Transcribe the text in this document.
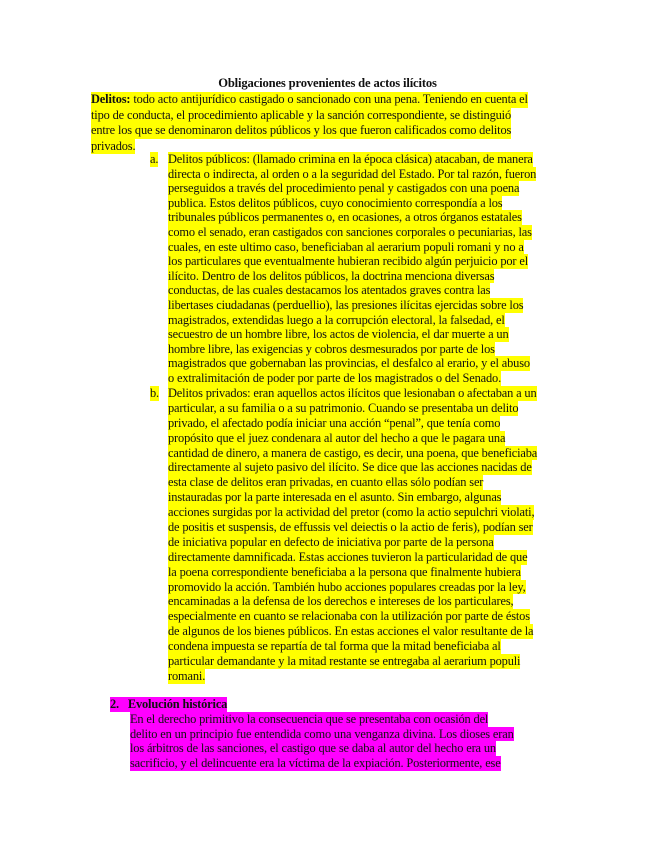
Obligaciones provenientes de actos ilícitos
Delitos: todo acto antijurídico castigado o sancionado con una pena. Teniendo en cuenta el
tipo de conducta, el procedimiento aplicable y la sanción correspondiente, se distinguió
entre los que se denominaron delitos públicos y los que fueron calificados como delitos
privados.
a. Delitos públicos: (llamado crimina en la época clásica) atacaban, de manera
directa o indirecta, al orden o a la seguridad del Estado. Por tal razón, fueron
perseguidos a través del procedimiento penal y castigados con una poena
publica. Estos delitos públicos, cuyo conocimiento correspondía a los
tribunales públicos permanentes o, en ocasiones, a otros órganos estatales
como el senado, eran castigados con sanciones corporales o pecuniarias, las
cuales, en este ultimo caso, beneficiaban al aerarium populi romani y no a
los particulares que eventualmente hubieran recibido algún perjuicio por el
ilícito. Dentro de los delitos públicos, la doctrina menciona diversas
conductas, de las cuales destacamos los atentados graves contra las
libertases ciudadanas (perduellio), las presiones ilícitas ejercidas sobre los
magistrados, extendidas luego a la corrupción electoral, la falsedad, el
secuestro de un hombre libre, los actos de violencia, el dar muerte a un
hombre libre, las exigencias y cobros desmesurados por parte de los
magistrados que gobernaban las provincias, el desfalco al erario, y el abuso
o extralimitación de poder por parte de los magistrados o del Senado.
b. Delitos privados: eran aquellos actos ilícitos que lesionaban o afectaban a un
particular, a su familia o a su patrimonio. Cuando se presentaba un delito
privado, el afectado podía iniciar una acción “penal”, que tenía como
propósito que el juez condenara al autor del hecho a que le pagara una
cantidad de dinero, a manera de castigo, es decir, una poena, que beneficiaba
directamente al sujeto pasivo del ilícito. Se dice que las acciones nacidas de
esta clase de delitos eran privadas, en cuanto ellas sólo podían ser
instauradas por la parte interesada en el asunto. Sin embargo, algunas
acciones surgidas por la actividad del pretor (como la actio sepulchri violati,
de positis et suspensis, de effussis vel deiectis o la actio de feris), podían ser
de iniciativa popular en defecto de iniciativa por parte de la persona
directamente damnificada. Estas acciones tuvieron la particularidad de que
la poena correspondiente beneficiaba a la persona que finalmente hubiera
promovido la acción. También hubo acciones populares creadas por la ley,
encaminadas a la defensa de los derechos e intereses de los particulares,
especialmente en cuanto se relacionaba con la utilización por parte de éstos
de algunos de los bienes públicos. En estas acciones el valor resultante de la
condena impuesta se repartía de tal forma que la mitad beneficiaba al
particular demandante y la mitad restante se entregaba al aerarium populi
romani.
2.   Evolución histórica
En el derecho primitivo la consecuencia que se presentaba con ocasión del
delito en un principio fue entendida como una venganza divina. Los dioses eran
los árbitros de las sanciones, el castigo que se daba al autor del hecho era un
sacrificio, y el delincuente era la víctima de la expiación. Posteriormente, ese
